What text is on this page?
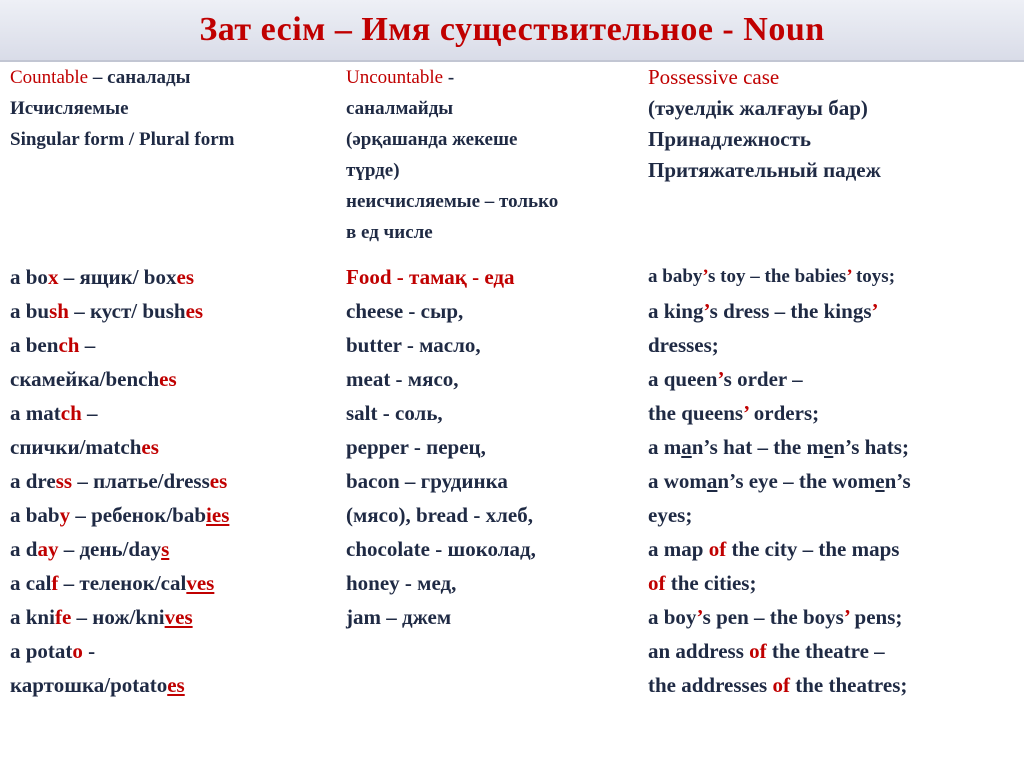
Зат есім – Имя существительное - Noun
Countable – саналады
Исчисляемые
Singular form / Plural form
a box – ящик/ boxes
a bush – куст/ bushes
a bench –
скамейка/benches
a match –
спички/matches
a dress – платье/dresses
a baby – ребенок/babies
a day – день/days
a calf – теленок/calves
a knife – нож/knives
a potato -
картошка/potatoes
Uncountable -
саналмайды
(әрқашанда жекеше
түрде)
неисчисляемые – только
в ед числе
Food - тамақ - еда
cheese - сыр,
butter - масло,
meat - мясо,
salt - соль,
pepper - перец,
bacon – грудинка
(мясо), bread - хлеб,
chocolate - шоколад,
honey - мед,
jam – джем
Possessive case
(тәуелдік жалғауы бар)
Принадлежность
Притяжательный падеж
a baby’s toy – the babies’ toys;
a king’s dress – the kings’
dresses;
a queen’s order –
the queens’ orders;
a man’s hat – the men’s hats;
a woman’s eye – the women’s
eyes;
a map of the city – the maps
of the cities;
a boy’s pen – the boys’ pens;
an address of the theatre –
the addresses of the theatres;
